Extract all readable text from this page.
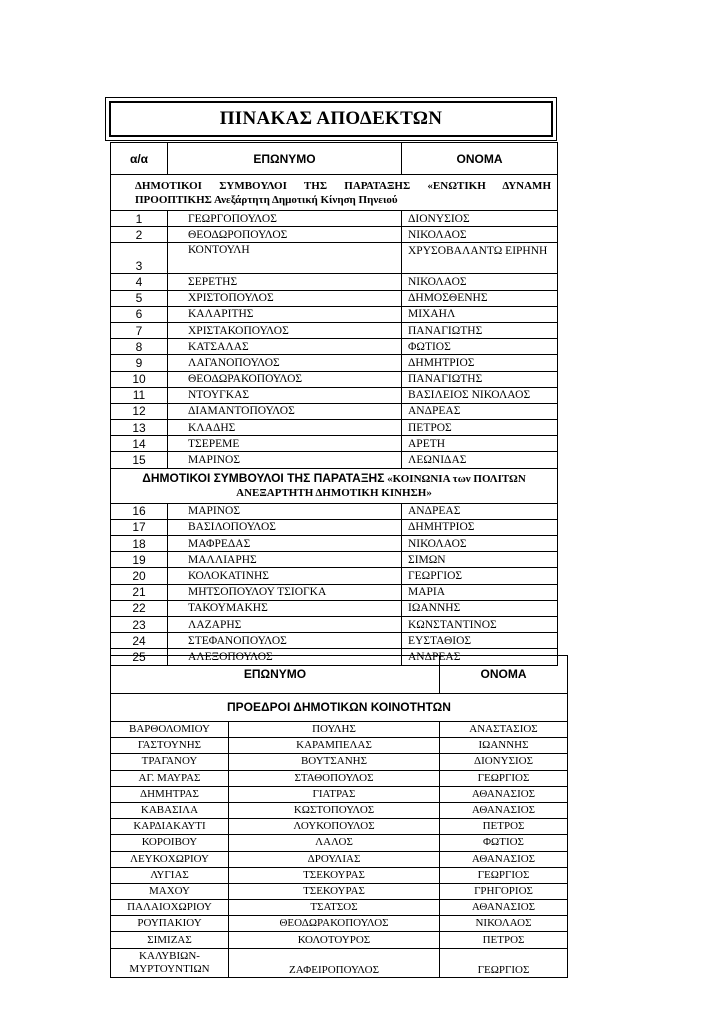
ΠΙΝΑΚΑΣ ΑΠΟΔΕΚΤΩΝ
α/α	ΕΠΩΝΥΜΟ	ΟΝΟΜΑ
ΔΗΜΟΤΙΚΟΙ ΣΥΜΒΟΥΛΟΙ ΤΗΣ ΠΑΡΑΤΑΞΗΣ «ΕΝΩΤΙΚΗ ΔΥΝΑΜΗ ΠΡΟΟΠΤΙΚΗΣ Ανεξάρτητη Δημοτική Κίνηση Πηνειού		
1	ΓΕΩΡΓΟΠΟΥΛΟΣ	ΔΙΟΝΥΣΙΟΣ
2	ΘΕΟΔΩΡΟΠΟΥΛΟΣ	ΝΙΚΟΛΑΟΣ
3	ΚΟΝΤΟΥΛΗ	ΧΡΥΣΟΒΑΛΑΝΤΩ ΕΙΡΗΝΗ
4	ΣΕΡΕΤΗΣ	ΝΙΚΟΛΑΟΣ
5	ΧΡΙΣΤΟΠΟΥΛΟΣ	ΔΗΜΟΣΘΕΝΗΣ
6	ΚΑΛΑΡΙΤΗΣ	ΜΙΧΑΗΛ
7	ΧΡΙΣΤΑΚΟΠΟΥΛΟΣ	ΠΑΝΑΓΙΩΤΗΣ
8	ΚΑΤΣΑΛΑΣ	ΦΩΤΙΟΣ
9	ΛΑΓΑΝΟΠΟΥΛΟΣ	ΔΗΜΗΤΡΙΟΣ
10	ΘΕΟΔΩΡΑΚΟΠΟΥΛΟΣ	ΠΑΝΑΓΙΩΤΗΣ
11	ΝΤΟΥΓΚΑΣ	ΒΑΣΙΛΕΙΟΣ ΝΙΚΟΛΑΟΣ
12	ΔΙΑΜΑΝΤΟΠΟΥΛΟΣ	ΑΝΔΡΕΑΣ
13	ΚΛΑΔΗΣ	ΠΕΤΡΟΣ
14	ΤΣΕΡΕΜΕ	ΑΡΕΤΗ
15	ΜΑΡΙΝΟΣ	ΛΕΩΝΙΔΑΣ
ΔΗΜΟΤΙΚΟΙ ΣΥΜΒΟΥΛΟΙ ΤΗΣ ΠΑΡΑΤΑΞΗΣ «ΚΟΙΝΩΝΙΑ των ΠΟΛΙΤΩΝ ΑΝΕΞΑΡΤΗΤΗ ΔΗΜΟΤΙΚΗ ΚΙΝΗΣΗ»		
16	ΜΑΡΙΝΟΣ	ΑΝΔΡΕΑΣ
17	ΒΑΣΙΛΟΠΟΥΛΟΣ	ΔΗΜΗΤΡΙΟΣ
18	ΜΑΦΡΕΔΑΣ	ΝΙΚΟΛΑΟΣ
19	ΜΑΛΛΙΑΡΗΣ	ΣΙΜΩΝ
20	ΚΟΛΟΚΑΤΙΝΗΣ	ΓΕΩΡΓΙΟΣ
21	ΜΗΤΣΟΠΟΥΛΟΥ ΤΣΙΟΓΚΑ	ΜΑΡΙΑ
22	ΤΑΚΟΥΜΑΚΗΣ	ΙΩΑΝΝΗΣ
23	ΛΑΖΑΡΗΣ	ΚΩΝΣΤΑΝΤΙΝΟΣ
24	ΣΤΕΦΑΝΟΠΟΥΛΟΣ	ΕΥΣΤΑΘΙΟΣ
25	ΑΛΕΞΟΠΟΥΛΟΣ	ΑΝΔΡΕΑΣ
ΕΠΩΝΥΜΟ		ΟΝΟΜΑ
ΠΡΟΕΔΡΟΙ ΔΗΜΟΤΙΚΩΝ ΚΟΙΝΟΤΗΤΩΝ		
ΒΑΡΘΟΛΟΜΙΟΥ	ΠΟΥΛΗΣ	ΑΝΑΣΤΑΣΙΟΣ
ΓΑΣΤΟΥΝΗΣ	ΚΑΡΑΜΠΕΛΑΣ	ΙΩΑΝΝΗΣ
ΤΡΑΓΑΝΟΥ	ΒΟΥΤΣΑΝΗΣ	ΔΙΟΝΥΣΙΟΣ
ΑΓ. ΜΑΥΡΑΣ	ΣΤΑΘΟΠΟΥΛΟΣ	ΓΕΩΡΓΙΟΣ
ΔΗΜΗΤΡΑΣ	ΓΙΑΤΡΑΣ	ΑΘΑΝΑΣΙΟΣ
ΚΑΒΑΣΙΛΑ	ΚΩΣΤΟΠΟΥΛΟΣ	ΑΘΑΝΑΣΙΟΣ
ΚΑΡΔΙΑΚΑΥΤΙ	ΛΟΥΚΟΠΟΥΛΟΣ	ΠΕΤΡΟΣ
ΚΟΡΟΙΒΟΥ	ΛΑΛΟΣ	ΦΩΤΙΟΣ
ΛΕΥΚΟΧΩΡΙΟΥ	ΔΡΟΥΛΙΑΣ	ΑΘΑΝΑΣΙΟΣ
ΛΥΓΙΑΣ	ΤΣΕΚΟΥΡΑΣ	ΓΕΩΡΓΙΟΣ
ΜΑΧΟΥ	ΤΣΕΚΟΥΡΑΣ	ΓΡΗΓΟΡΙΟΣ
ΠΑΛΑΙΟΧΩΡΙΟΥ	ΤΣΑΤΣΟΣ	ΑΘΑΝΑΣΙΟΣ
ΡΟΥΠΑΚΙΟΥ	ΘΕΟΔΩΡΑΚΟΠΟΥΛΟΣ	ΝΙΚΟΛΑΟΣ
ΣΙΜΙΖΑΣ	ΚΟΛΟΤΟΥΡΟΣ	ΠΕΤΡΟΣ
ΚΑΛΥΒΙΩΝ-ΜΥΡΤΟΥΝΤΙΩΝ	ΖΑΦΕΙΡΟΠΟΥΛΟΣ	ΓΕΩΡΓΙΟΣ
